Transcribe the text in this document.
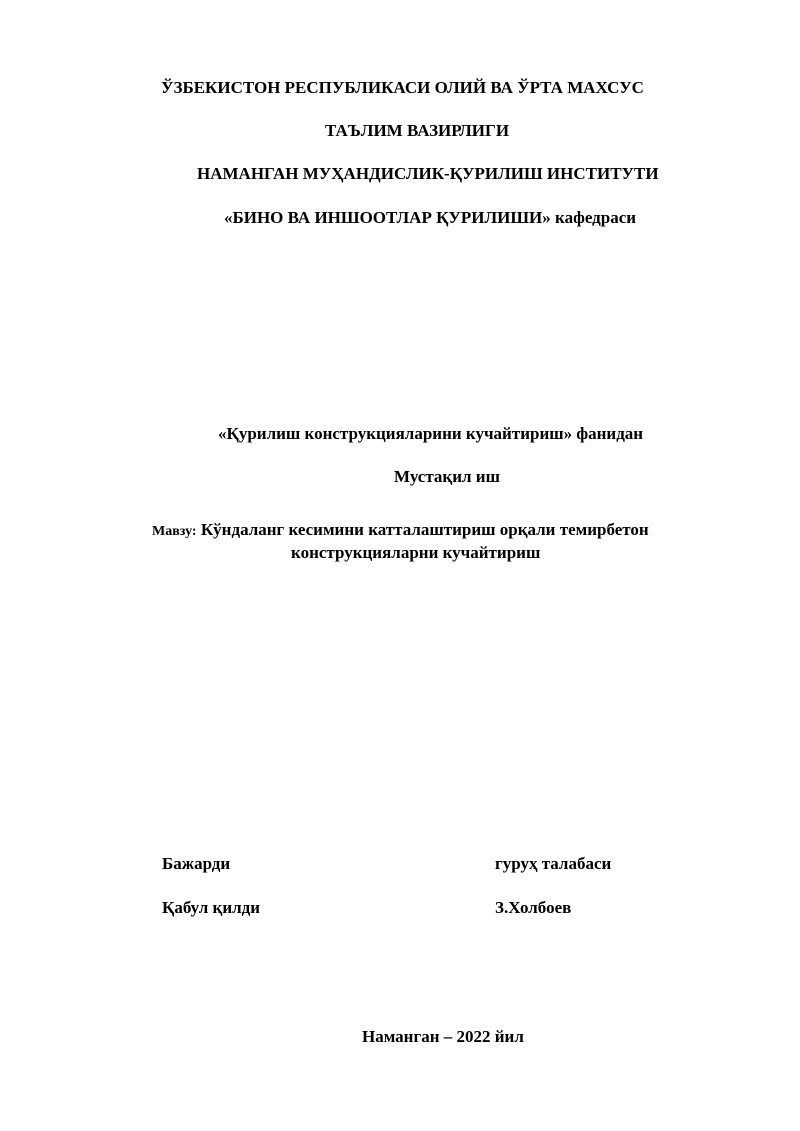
ЎЗБЕКИСТОН РЕСПУБЛИКАСИ ОЛИЙ ВА ЎРТА МАХСУС
ТАЪЛИМ ВАЗИРЛИГИ
НАМАНГАН МУҲАНДИСЛИК-ҚУРИЛИШ ИНСТИТУТИ
«БИНО ВА ИНШООТЛАР ҚУРИЛИШИ» кафедраси
«Қурилиш конструкцияларини кучайтириш» фанидан
Мустақил иш
Мавзу: Кўндаланг кесимини катталаштириш орқали темирбетон
конструкцияларни кучайтириш
Бажарди	гуруҳ талабаси
Қабул қилди	З.Холбоев
Наманган – 2022 йил
